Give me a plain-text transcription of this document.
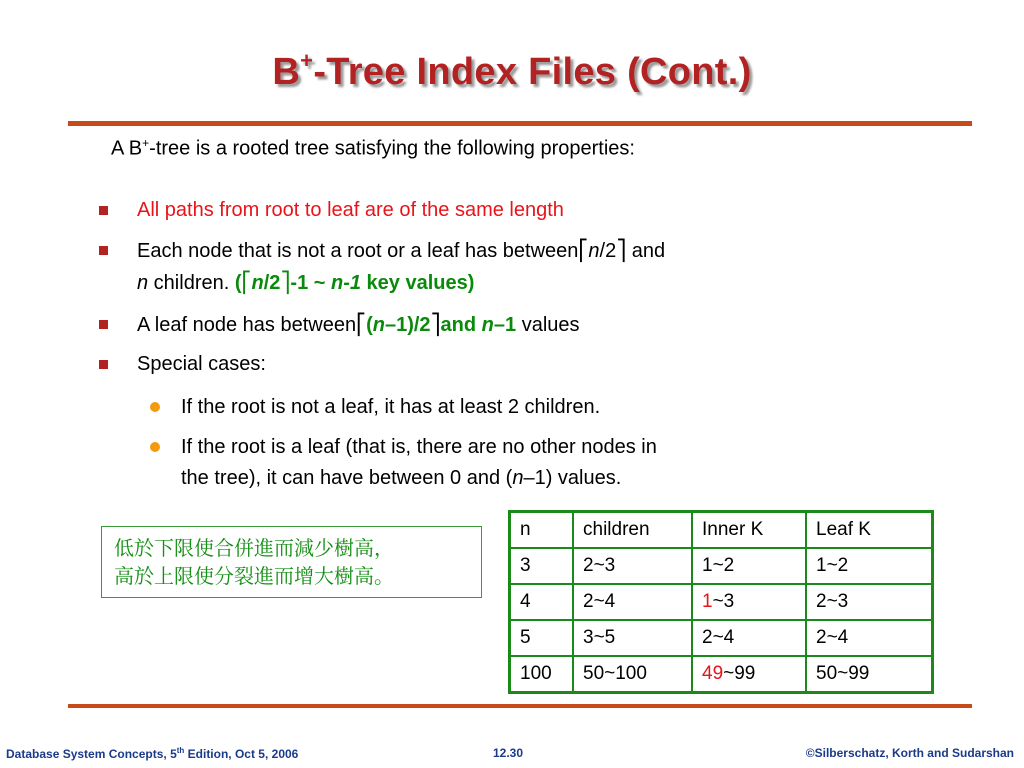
B+-Tree Index Files (Cont.)
A B+-tree is a rooted tree satisfying the following properties:
All paths from root to leaf are of the same length
Each node that is not a root or a leaf has between⎡n/2⎤ and
n children. (⎡n/2⎤-1 ~ n-1 key values)
A leaf node has between⎡(n–1)/2⎤and n–1 values
Special cases:
If the root is not a leaf, it has at least 2 children.
If the root is a leaf (that is, there are no other nodes in
the tree), it can have between 0 and (n–1) values.
低於下限使合併進而減少樹高，
高於上限使分裂進而增大樹高。
n	children	Inner K	Leaf K
3	2~3	1~2	1~2
4	2~4	1~3	2~3
5	3~5	2~4	2~4
100	50~100	49~99	50~99
Database System Concepts, 5th Edition, Oct 5, 2006	12.30	©Silberschatz, Korth and Sudarshan
